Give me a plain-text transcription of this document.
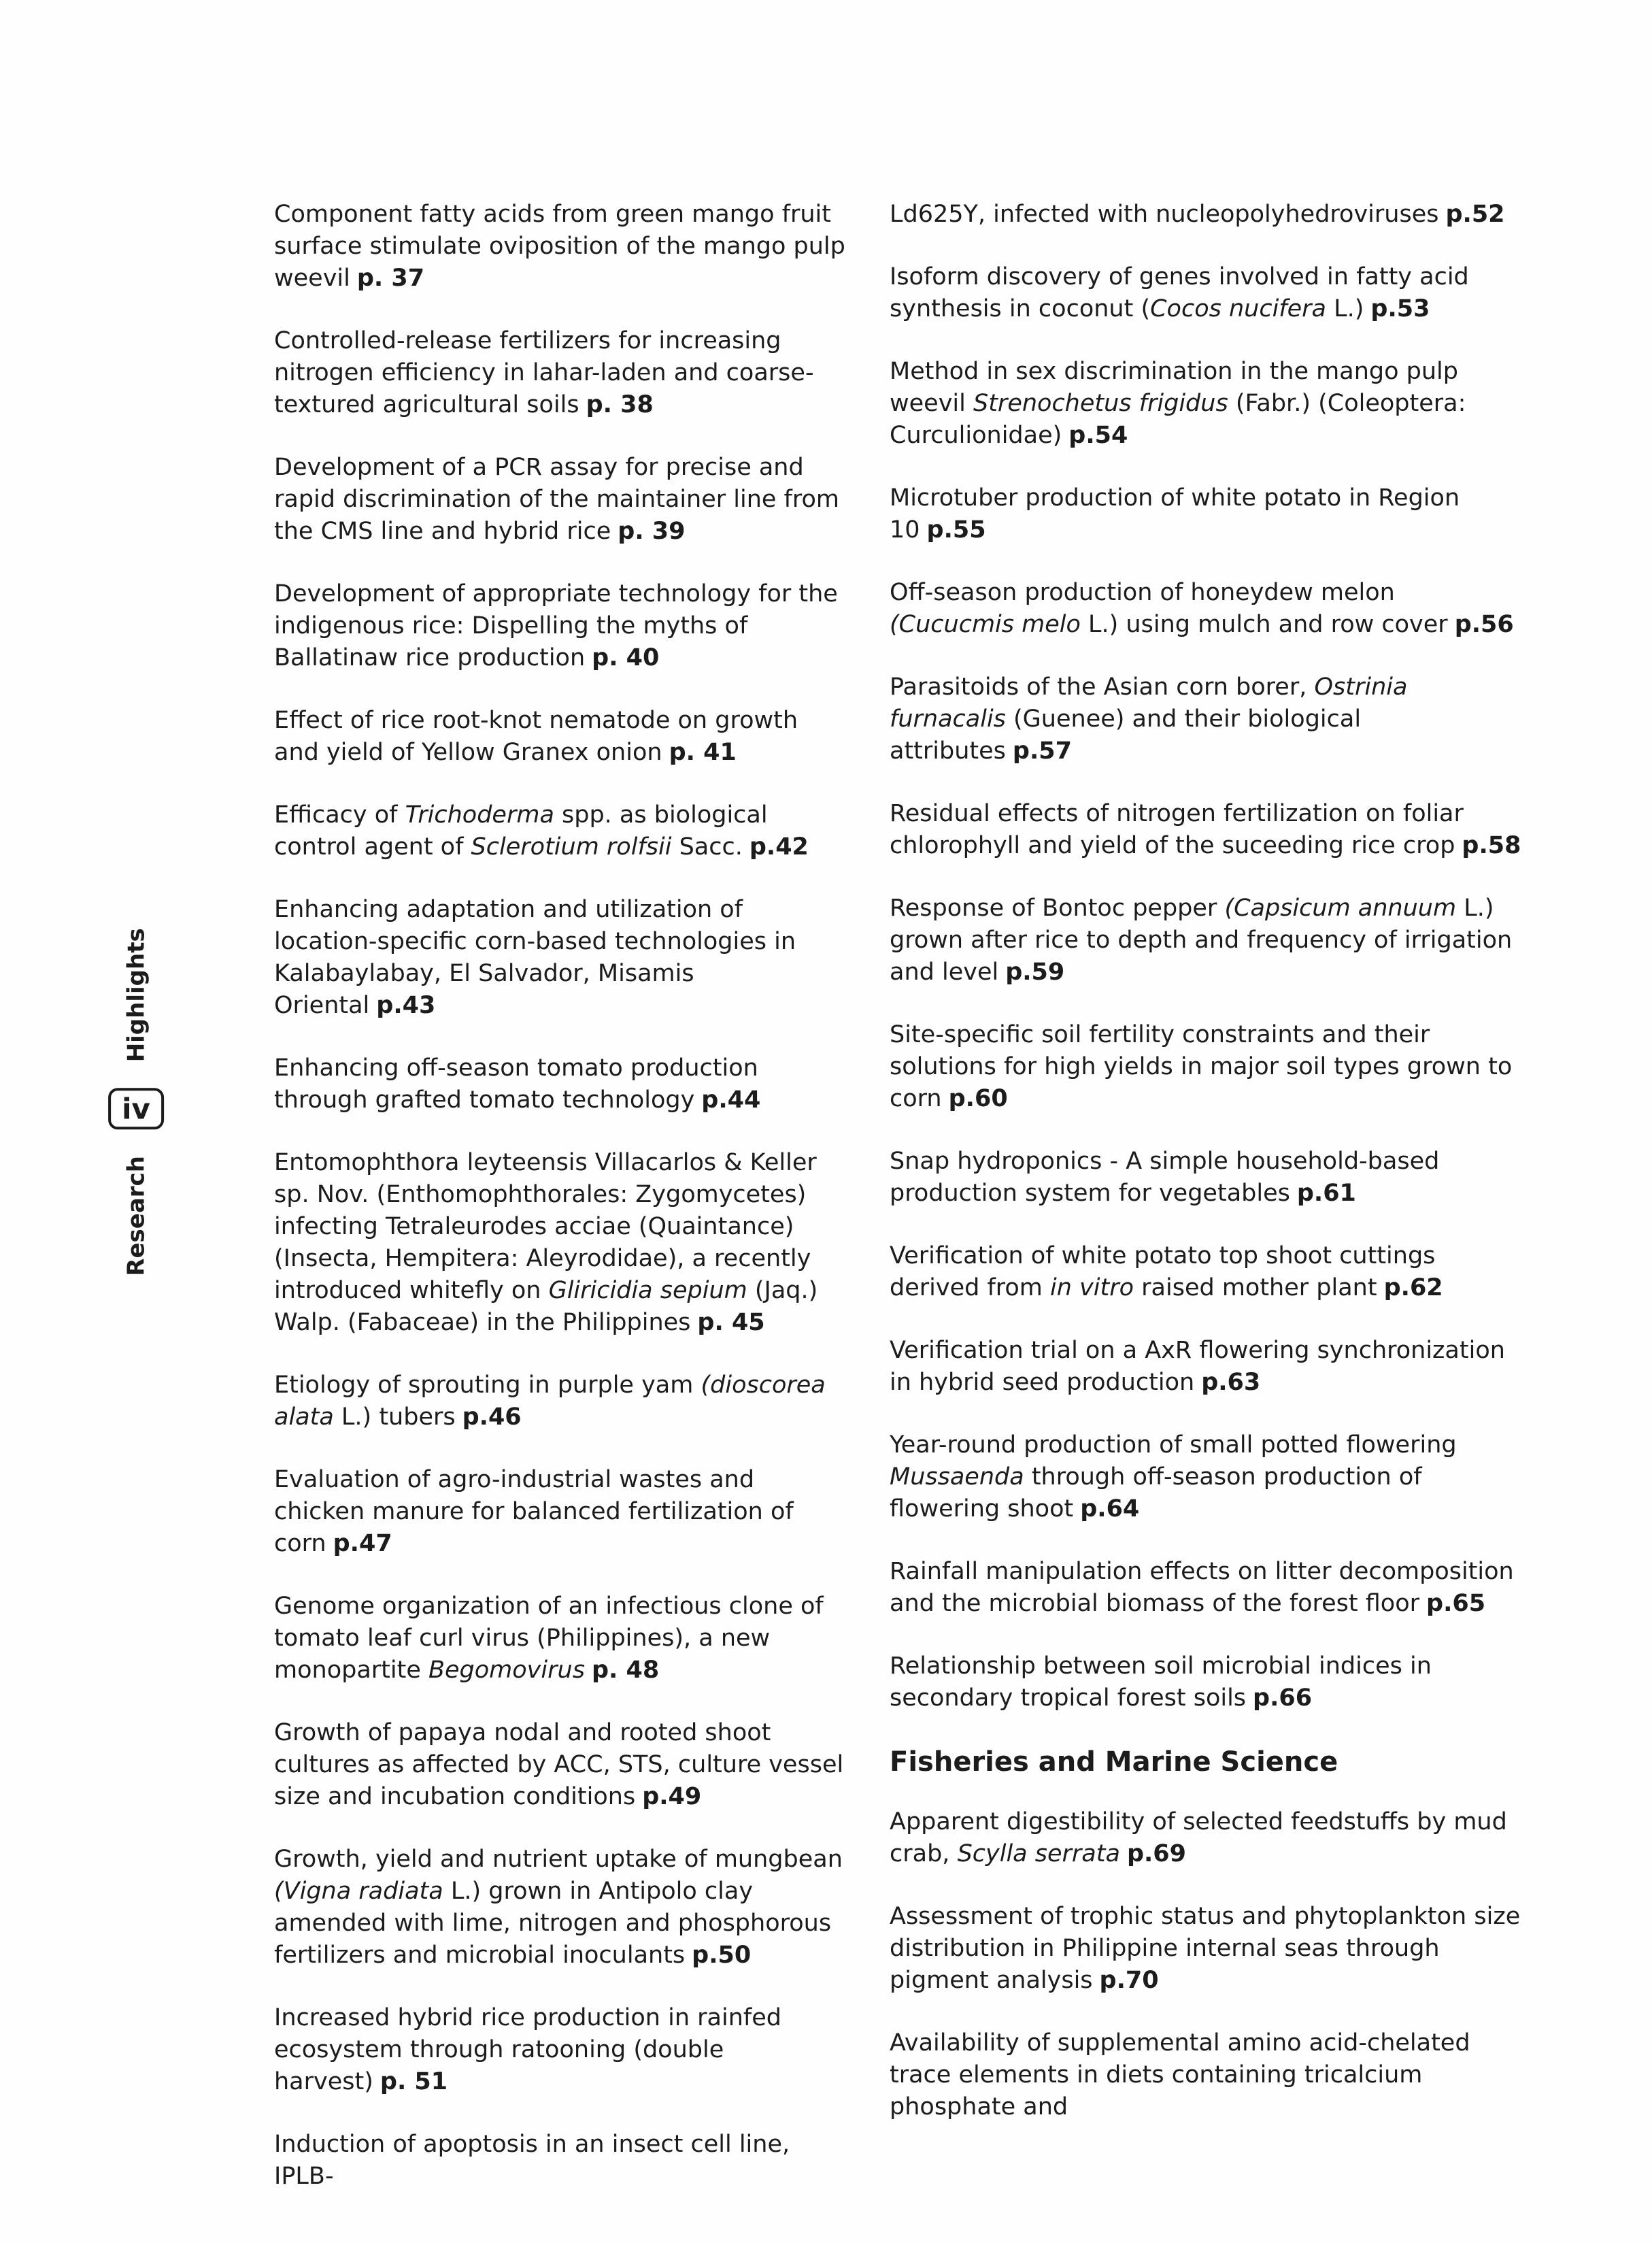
Research
iv
Highlights
Component fatty acids from green mango fruit surface stimulate oviposition of the mango pulp weevil p. 37
Controlled-release fertilizers for increasing nitrogen efficiency in lahar-laden and coarse-textured agricultural soils p. 38
Development of a PCR assay for precise and rapid discrimination of the maintainer line from the CMS line and hybrid rice p. 39
Development of appropriate technology for the indigenous rice: Dispelling the myths of Ballatinaw rice production p. 40
Effect of rice root-knot nematode on growth and yield of Yellow Granex onion p. 41
Efficacy of Trichoderma spp. as biological control agent of Sclerotium rolfsii Sacc. p.42
Enhancing adaptation and utilization of location-specific corn-based technologies in Kalabaylabay, El Salvador, Misamis Oriental p.43
Enhancing off-season tomato production through grafted tomato technology p.44
Entomophthora leyteensis Villacarlos & Keller sp. Nov. (Enthomophthorales: Zygomycetes) infecting Tetraleurodes acciae (Quaintance) (Insecta, Hempitera: Aleyrodidae), a recently introduced whitefly on Gliricidia sepium (Jaq.) Walp. (Fabaceae) in the Philippines p. 45
Etiology of sprouting in purple yam (dioscorea alata L.) tubers p.46
Evaluation of agro-industrial wastes and chicken manure for balanced fertilization of corn p.47
Genome organization of an infectious clone of tomato leaf curl virus (Philippines), a new monopartite Begomovirus p. 48
Growth of papaya nodal and rooted shoot cultures as affected by ACC, STS, culture vessel size and incubation conditions p.49
Growth, yield and nutrient uptake of mungbean (Vigna radiata L.) grown in Antipolo clay amended with lime, nitrogen and phosphorous fertilizers and microbial inoculants p.50
Increased hybrid rice production in rainfed ecosystem through ratooning (double harvest) p. 51
Induction of apoptosis in an insect cell line, IPLB-
Ld625Y, infected with nucleopolyhedroviruses p.52
Isoform discovery of genes involved in fatty acid synthesis in coconut (Cocos nucifera L.) p.53
Method in sex discrimination in the mango pulp weevil Strenochetus frigidus (Fabr.) (Coleoptera: Curculionidae) p.54
Microtuber production of white potato in Region 10 p.55
Off-season production of honeydew melon (Cucucmis melo L.) using mulch and row cover p.56
Parasitoids of the Asian corn borer, Ostrinia furnacalis (Guenee) and their biological attributes p.57
Residual effects of nitrogen fertilization on foliar chlorophyll and yield of the suceeding rice crop p.58
Response of Bontoc pepper (Capsicum annuum L.) grown after rice to depth and frequency of irrigation and level p.59
Site-specific soil fertility constraints and their solutions for high yields in major soil types grown to corn p.60
Snap hydroponics - A simple household-based production system for vegetables p.61
Verification of white potato top shoot cuttings derived from in vitro raised mother plant p.62
Verification trial on a AxR flowering synchronization in hybrid seed production p.63
Year-round production of small potted flowering Mussaenda through off-season production of flowering shoot p.64
Rainfall manipulation effects on litter decomposition and the microbial biomass of the forest floor p.65
Relationship between soil microbial indices in secondary tropical forest soils p.66
Fisheries and Marine Science
Apparent digestibility of selected feedstuffs by mud crab, Scylla serrata p.69
Assessment of trophic status and phytoplankton size distribution in Philippine internal seas through pigment analysis p.70
Availability of supplemental amino acid-chelated trace elements in diets containing tricalcium phosphate and
